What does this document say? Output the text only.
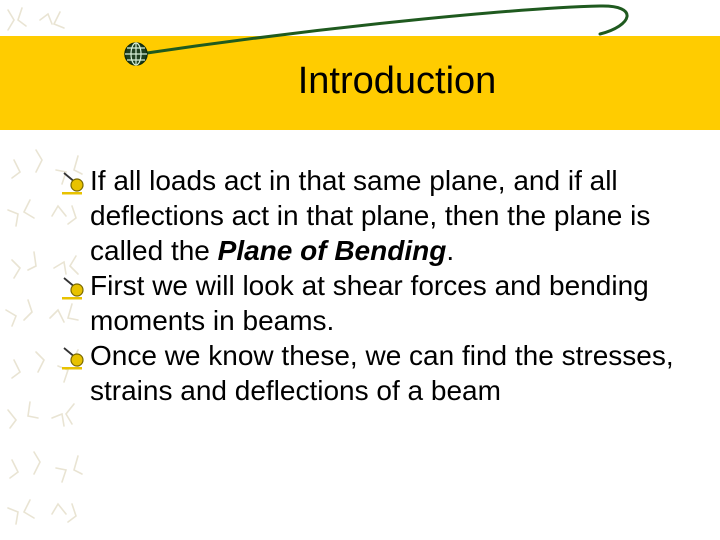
Introduction
If all loads act in that same plane, and if all deflections act in that plane, then the plane is called the Plane of Bending.
First we will look at shear forces and bending moments in beams.
Once we know these, we can find the stresses, strains and deflections of a beam
